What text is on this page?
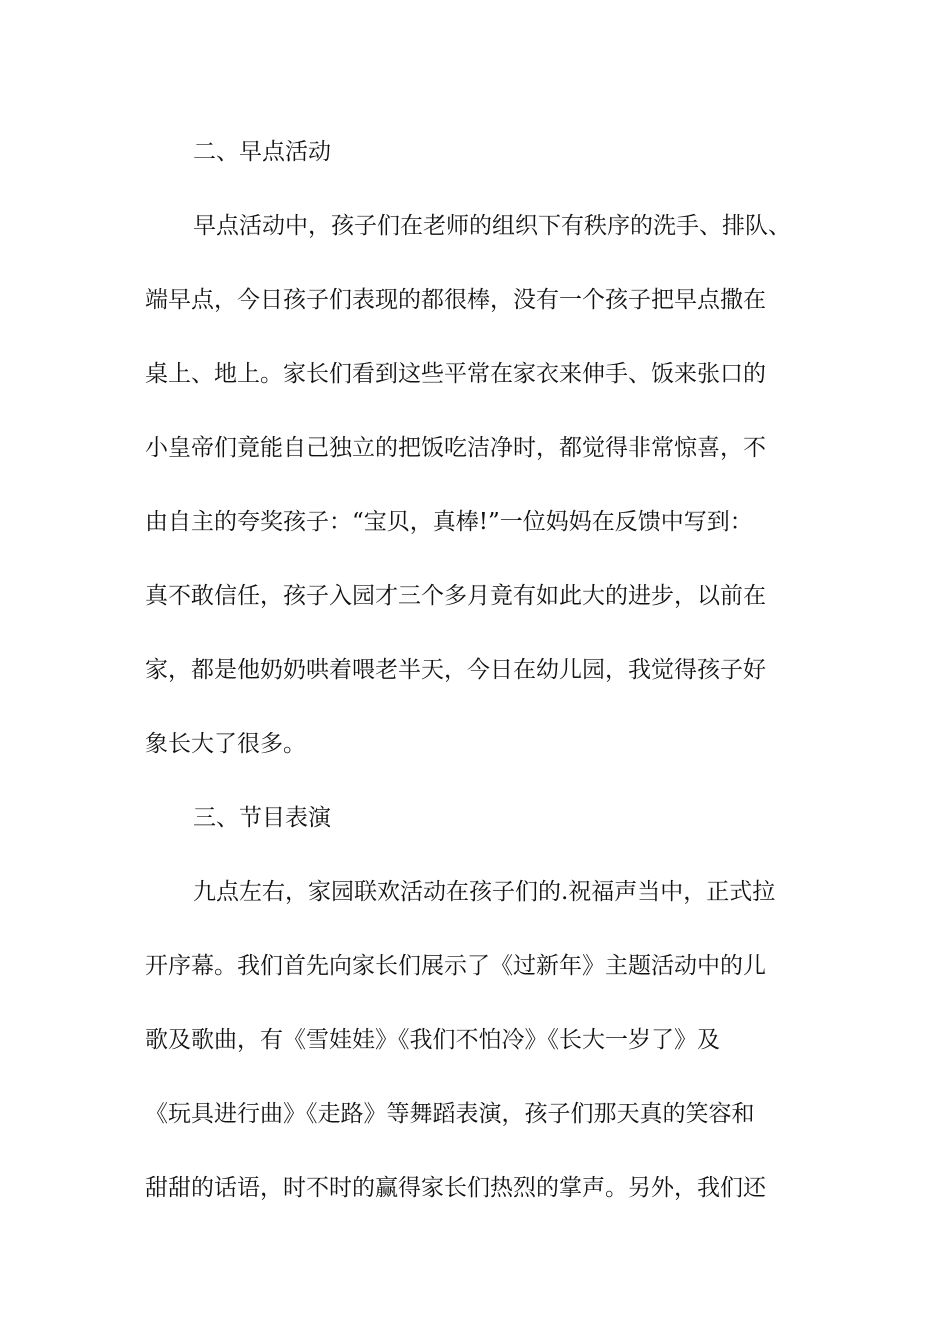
二、早点活动
早点活动中，孩子们在老师的组织下有秩序的洗手、排队、
端早点，今日孩子们表现的都很棒，没有一个孩子把早点撒在
桌上、地上。家长们看到这些平常在家衣来伸手、饭来张口的
小皇帝们竟能自己独立的把饭吃洁净时，都觉得非常惊喜，不
由自主的夸奖孩子：“宝贝，真棒!”一位妈妈在反馈中写到：
真不敢信任，孩子入园才三个多月竟有如此大的进步，以前在
家，都是他奶奶哄着喂老半天，今日在幼儿园，我觉得孩子好
象长大了很多。
三、节目表演
九点左右，家园联欢活动在孩子们的.祝福声当中，正式拉
开序幕。我们首先向家长们展示了《过新年》主题活动中的儿
歌及歌曲，有《雪娃娃》《我们不怕冷》《长大一岁了》及
《玩具进行曲》《走路》等舞蹈表演，孩子们那天真的笑容和
甜甜的话语，时不时的赢得家长们热烈的掌声。另外，我们还
